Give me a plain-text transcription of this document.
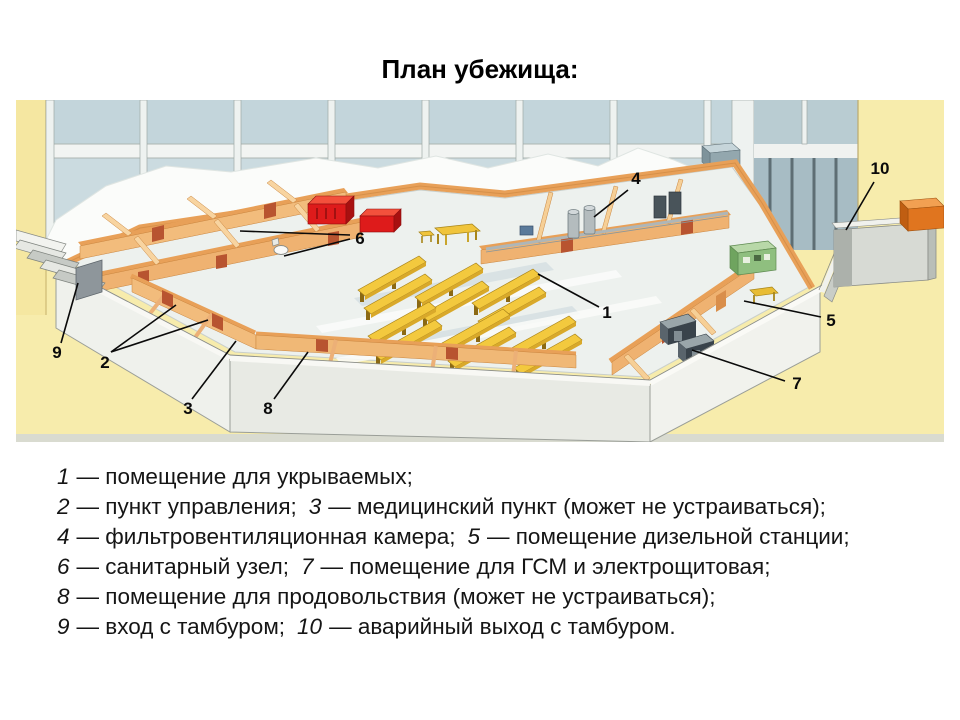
План убежища:
1
2
3
4
5
6
7
8
9
10
1 — помещение для укрываемых;
2 — пункт управления; 3 — медицинский пункт (может не устраиваться);
4 — фильтровентиляционная камера; 5 — помещение дизельной станции;
6 — санитарный узел; 7 — помещение для ГСМ и электрощитовая;
8 — помещение для продовольствия (может не устраиваться);
9 — вход с тамбуром; 10 — аварийный выход с тамбуром.
